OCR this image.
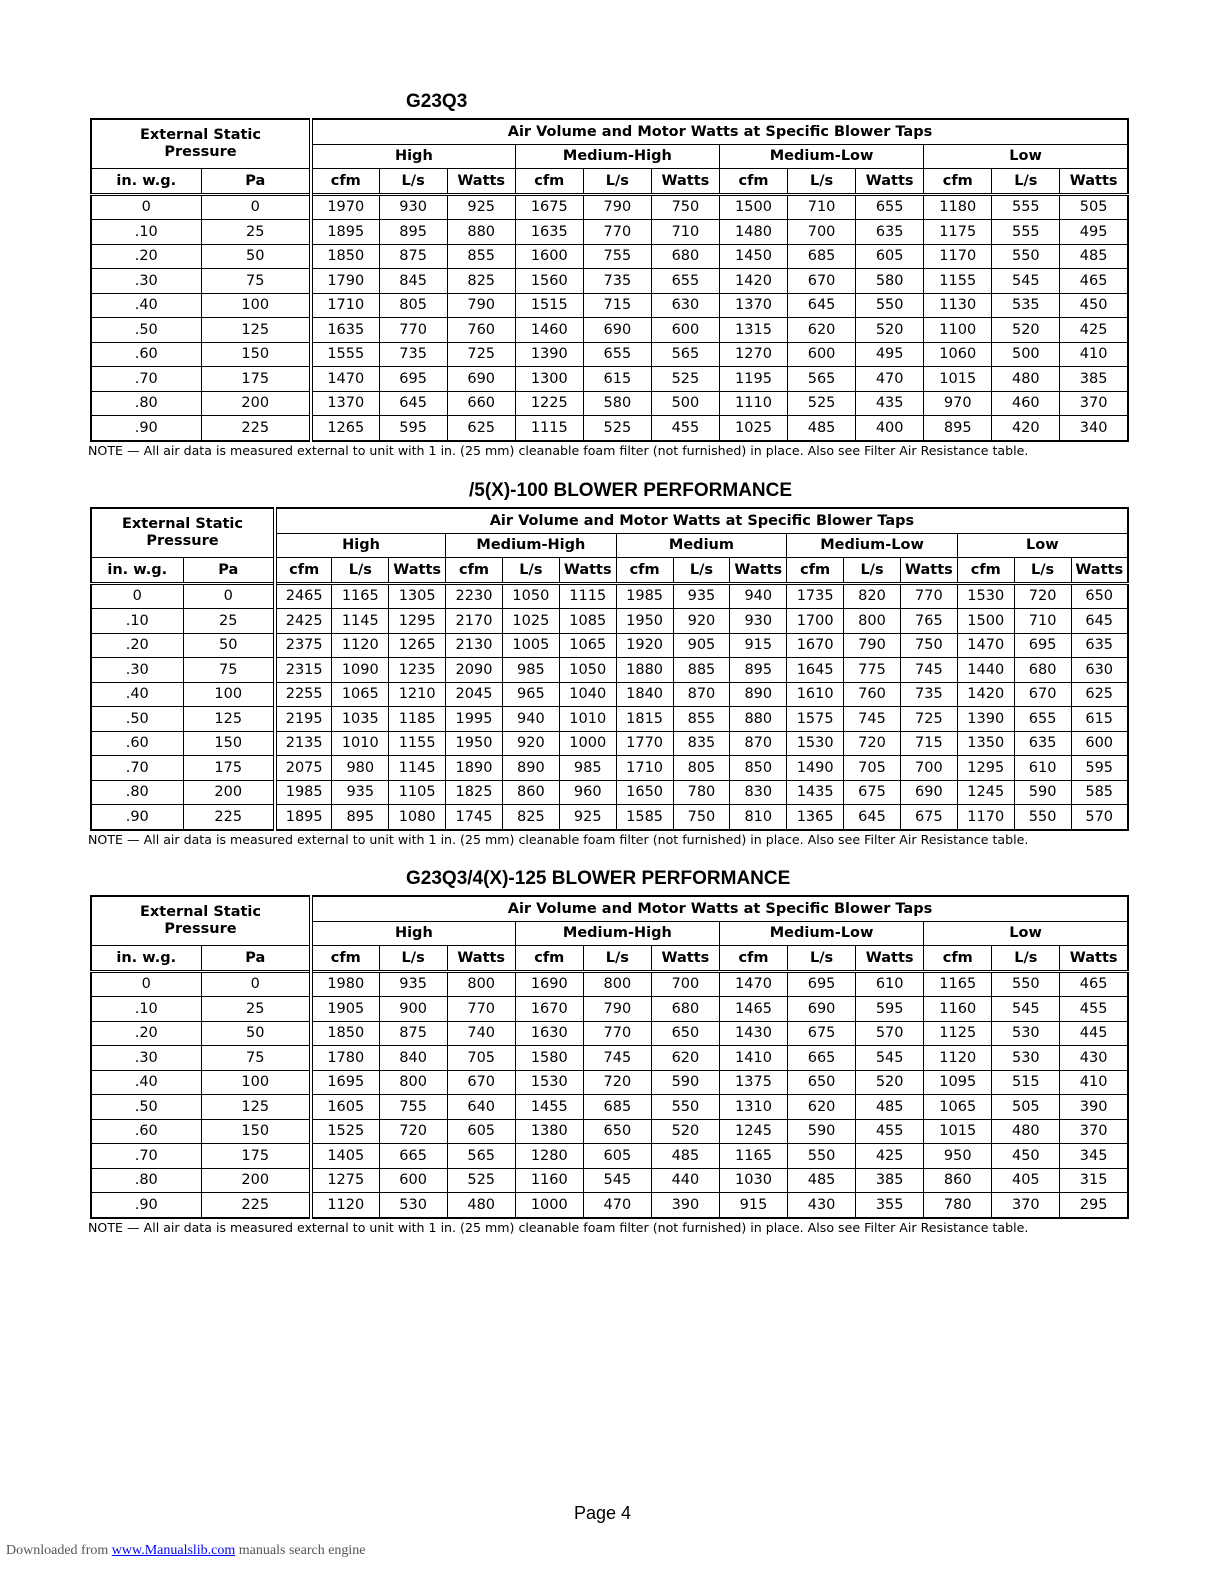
G23Q3
External Static
Pressure		Air Volume and Motor Watts at Specific Blower Taps											
		High			Medium-High			Medium-Low			Low		
in. w.g.	Pa	cfm	L/s	Watts	cfm	L/s	Watts	cfm	L/s	Watts	cfm	L/s	Watts
0	0	1970	930	925	1675	790	750	1500	710	655	1180	555	505
.10	25	1895	895	880	1635	770	710	1480	700	635	1175	555	495
.20	50	1850	875	855	1600	755	680	1450	685	605	1170	550	485
.30	75	1790	845	825	1560	735	655	1420	670	580	1155	545	465
.40	100	1710	805	790	1515	715	630	1370	645	550	1130	535	450
.50	125	1635	770	760	1460	690	600	1315	620	520	1100	520	425
.60	150	1555	735	725	1390	655	565	1270	600	495	1060	500	410
.70	175	1470	695	690	1300	615	525	1195	565	470	1015	480	385
.80	200	1370	645	660	1225	580	500	1110	525	435	970	460	370
.90	225	1265	595	625	1115	525	455	1025	485	400	895	420	340
NOTE — All air data is measured external to unit with 1 in. (25 mm) cleanable foam filter (not furnished) in place. Also see Filter Air Resistance table.
/5(X)-100 BLOWER PERFORMANCE
External Static
Pressure		Air Volume and Motor Watts at Specific Blower Taps														
		High			Medium-High			Medium			Medium-Low			Low		
in. w.g.	Pa	cfm	L/s	Watts	cfm	L/s	Watts	cfm	L/s	Watts	cfm	L/s	Watts	cfm	L/s	Watts
0	0	2465	1165	1305	2230	1050	1115	1985	935	940	1735	820	770	1530	720	650
.10	25	2425	1145	1295	2170	1025	1085	1950	920	930	1700	800	765	1500	710	645
.20	50	2375	1120	1265	2130	1005	1065	1920	905	915	1670	790	750	1470	695	635
.30	75	2315	1090	1235	2090	985	1050	1880	885	895	1645	775	745	1440	680	630
.40	100	2255	1065	1210	2045	965	1040	1840	870	890	1610	760	735	1420	670	625
.50	125	2195	1035	1185	1995	940	1010	1815	855	880	1575	745	725	1390	655	615
.60	150	2135	1010	1155	1950	920	1000	1770	835	870	1530	720	715	1350	635	600
.70	175	2075	980	1145	1890	890	985	1710	805	850	1490	705	700	1295	610	595
.80	200	1985	935	1105	1825	860	960	1650	780	830	1435	675	690	1245	590	585
.90	225	1895	895	1080	1745	825	925	1585	750	810	1365	645	675	1170	550	570
NOTE — All air data is measured external to unit with 1 in. (25 mm) cleanable foam filter (not furnished) in place. Also see Filter Air Resistance table.
G23Q3/4(X)-125 BLOWER PERFORMANCE
External Static
Pressure		Air Volume and Motor Watts at Specific Blower Taps											
		High			Medium-High			Medium-Low			Low		
in. w.g.	Pa	cfm	L/s	Watts	cfm	L/s	Watts	cfm	L/s	Watts	cfm	L/s	Watts
0	0	1980	935	800	1690	800	700	1470	695	610	1165	550	465
.10	25	1905	900	770	1670	790	680	1465	690	595	1160	545	455
.20	50	1850	875	740	1630	770	650	1430	675	570	1125	530	445
.30	75	1780	840	705	1580	745	620	1410	665	545	1120	530	430
.40	100	1695	800	670	1530	720	590	1375	650	520	1095	515	410
.50	125	1605	755	640	1455	685	550	1310	620	485	1065	505	390
.60	150	1525	720	605	1380	650	520	1245	590	455	1015	480	370
.70	175	1405	665	565	1280	605	485	1165	550	425	950	450	345
.80	200	1275	600	525	1160	545	440	1030	485	385	860	405	315
.90	225	1120	530	480	1000	470	390	915	430	355	780	370	295
NOTE — All air data is measured external to unit with 1 in. (25 mm) cleanable foam filter (not furnished) in place. Also see Filter Air Resistance table.
Page 4
Downloaded from www.Manualslib.com manuals search engine
